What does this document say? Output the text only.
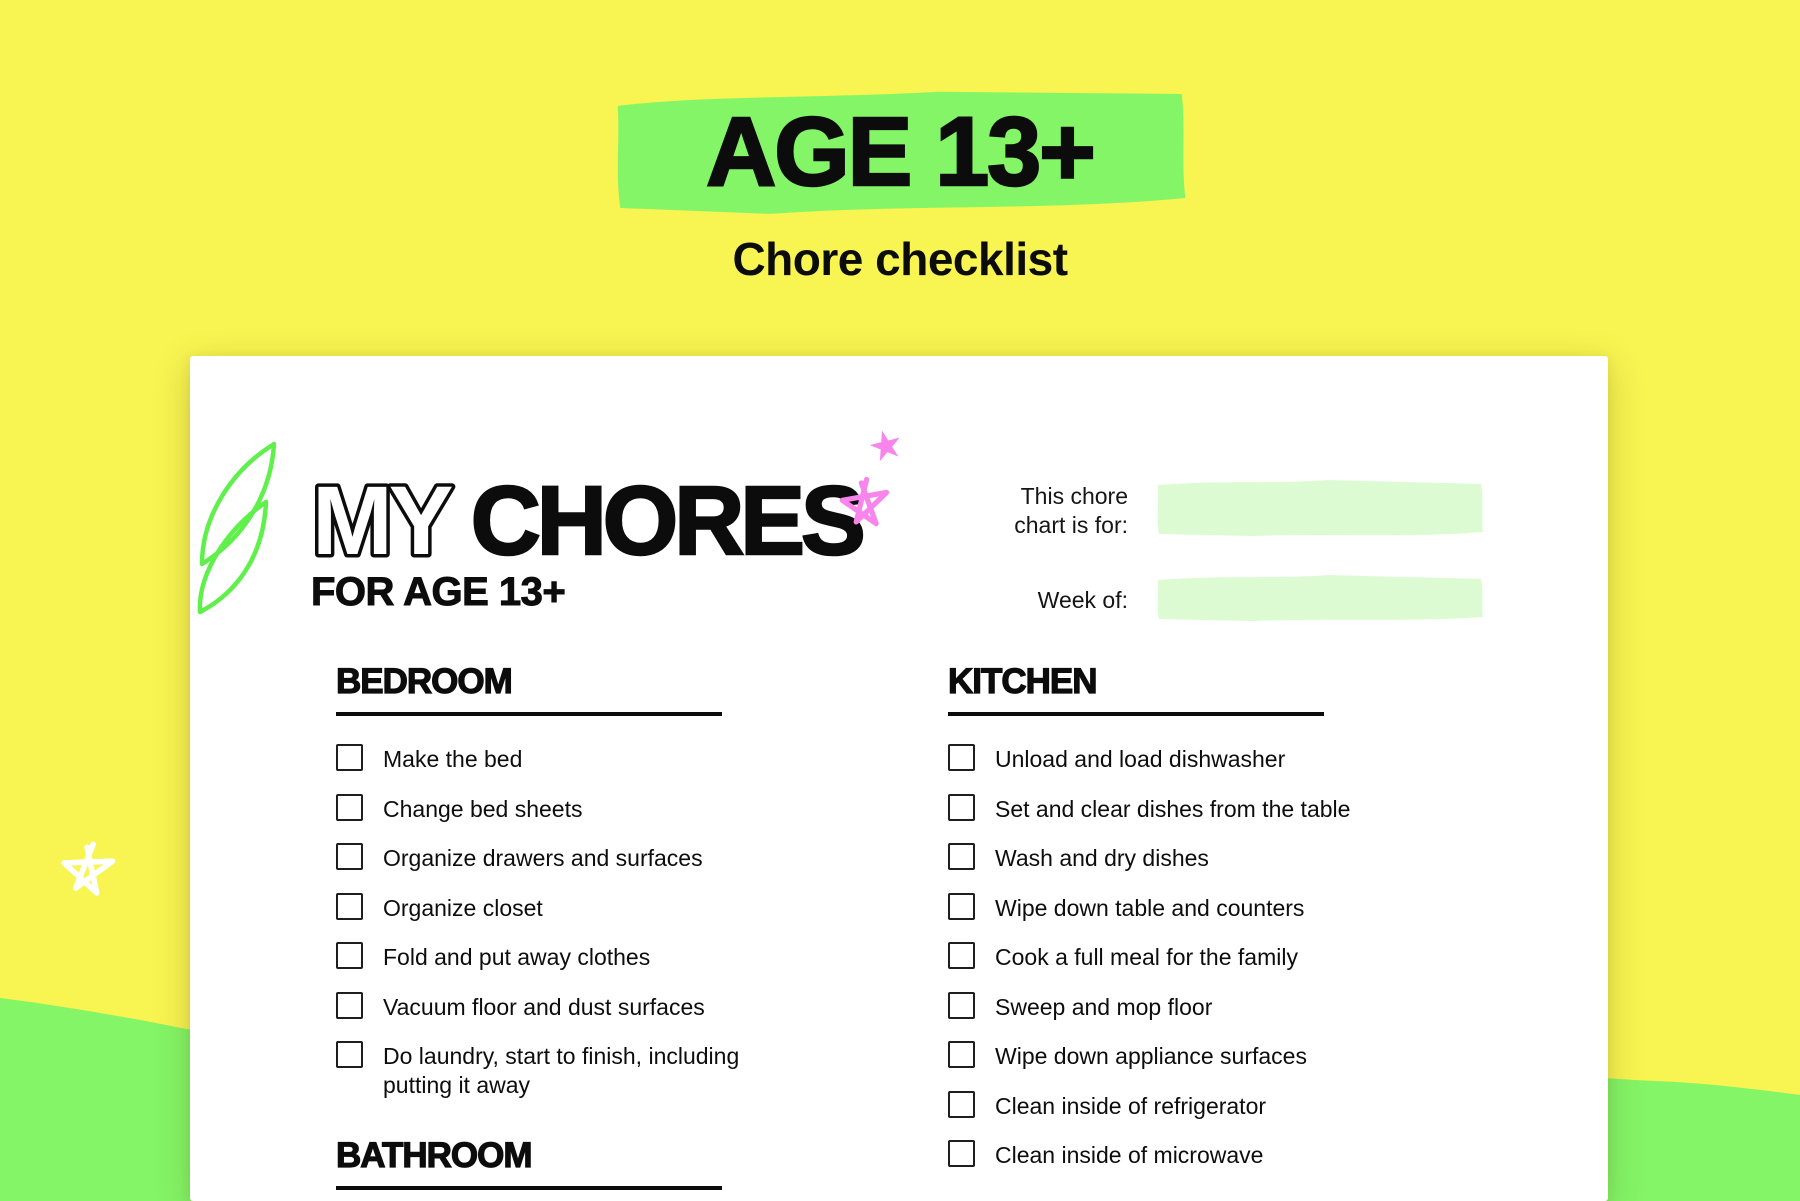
AGE 13+
Chore checklist
MY CHORES
FOR AGE 13+
★
This chore
chart is for:
Week of:
BEDROOM
Make the bed
Change bed sheets
Organize drawers and surfaces
Organize closet
Fold and put away clothes
Vacuum floor and dust surfaces
Do laundry, start to finish, including putting it away
KITCHEN
Unload and load dishwasher
Set and clear dishes from the table
Wash and dry dishes
Wipe down table and counters
Cook a full meal for the family
Sweep and mop floor
Wipe down appliance surfaces
Clean inside of refrigerator
Clean inside of microwave
BATHROOM
